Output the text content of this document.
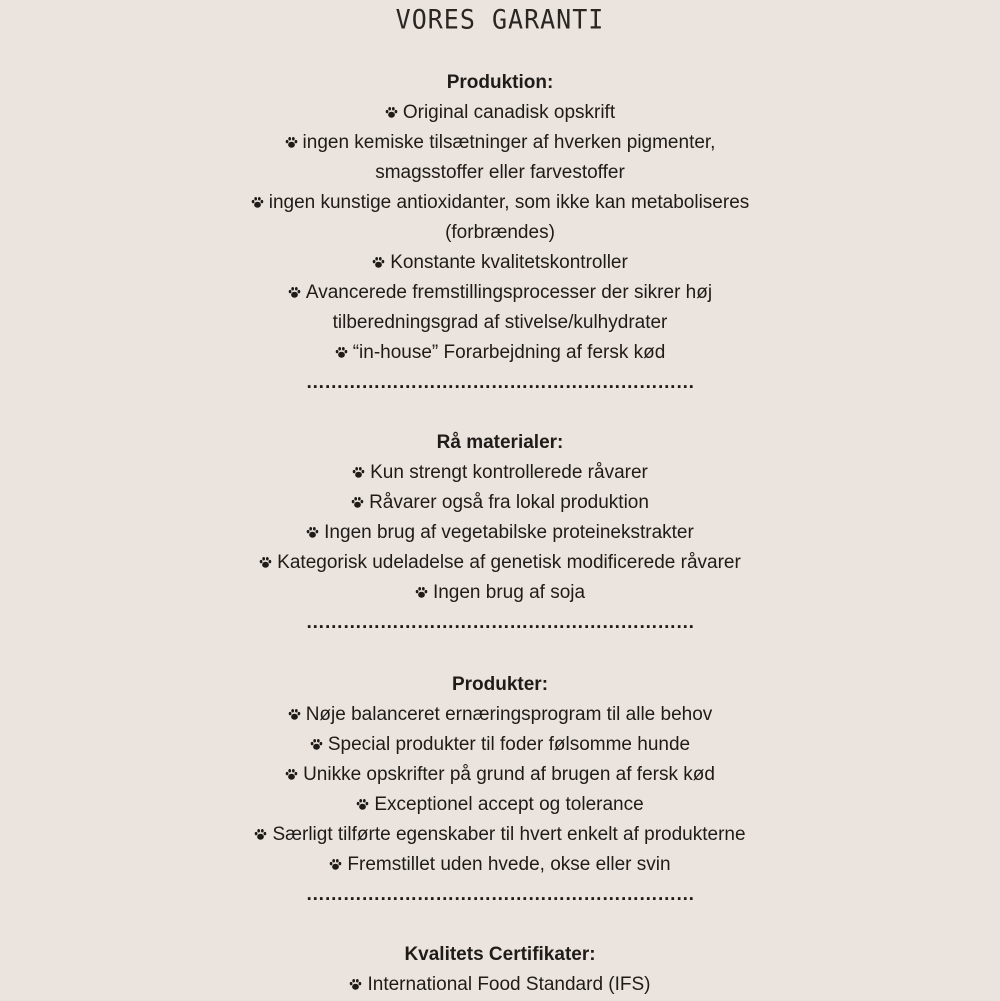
VORES GARANTI
Produktion:
Original canadisk opskrift
ingen kemiske tilsætninger af hverken pigmenter,
smagsstoffer eller farvestoffer
ingen kunstige antioxidanter, som ikke kan metaboliseres
(forbrændes)
Konstante kvalitetskontroller
Avancerede fremstillingsprocesser der sikrer høj
tilberedningsgrad af stivelse/kulhydrater
“in-house” Forarbejdning af fersk kød
………………………………………………………
Rå materialer:
Kun strengt kontrollerede råvarer
Råvarer også fra lokal produktion
Ingen brug af vegetabilske proteinekstrakter
Kategorisk udeladelse af genetisk modificerede råvarer
Ingen brug af soja
………………………………………………………
Produkter:
Nøje balanceret ernæringsprogram til alle behov
Special produkter til foder følsomme hunde
Unikke opskrifter på grund af brugen af fersk kød
Exceptionel accept og tolerance
Særligt tilførte egenskaber til hvert enkelt af produkterne
Fremstillet uden hvede, okse eller svin
………………………………………………………
Kvalitets Certifikater:
International Food Standard (IFS)
